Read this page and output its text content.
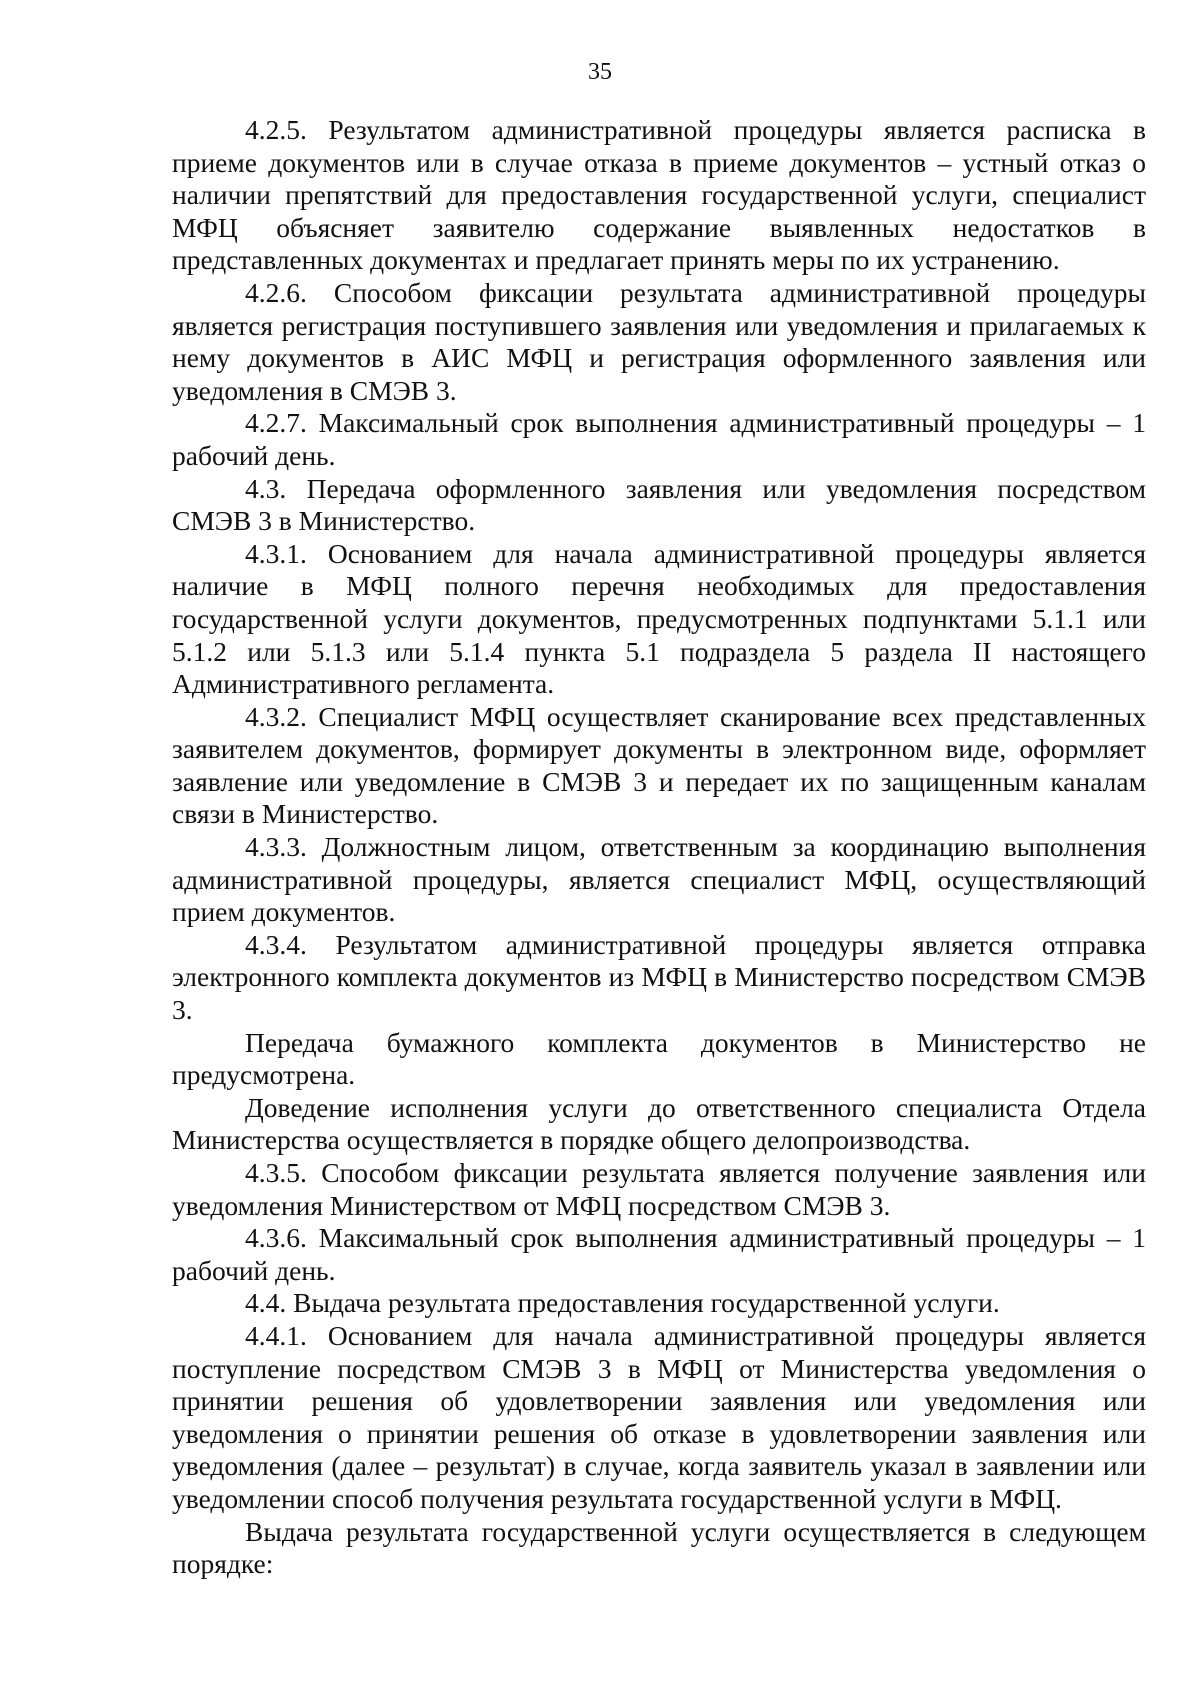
35

4.2.5. Результатом административной процедуры является расписка в приеме документов или в случае отказа в приеме документов – устный отказ о наличии препятствий для предоставления государственной услуги, специалист МФЦ объясняет заявителю содержание выявленных недостатков в представленных документах и предлагает принять меры по их устранению.

4.2.6. Способом фиксации результата административной процедуры является регистрация поступившего заявления или уведомления и прилагаемых к нему документов в АИС МФЦ и регистрация оформленного заявления или уведомления в СМЭВ 3.

4.2.7. Максимальный срок выполнения административный процедуры – 1 рабочий день.

4.3. Передача оформленного заявления или уведомления посредством СМЭВ 3 в Министерство.

4.3.1. Основанием для начала административной процедуры является наличие в МФЦ полного перечня необходимых для предоставления государственной услуги документов, предусмотренных подпунктами 5.1.1 или 5.1.2 или 5.1.3 или 5.1.4 пункта 5.1 подраздела 5 раздела II настоящего Административного регламента.

4.3.2. Специалист МФЦ осуществляет сканирование всех представленных заявителем документов, формирует документы в электронном виде, оформляет заявление или уведомление в СМЭВ 3 и передает их по защищенным каналам связи в Министерство.

4.3.3. Должностным лицом, ответственным за координацию выполнения административной процедуры, является специалист МФЦ, осуществляющий прием документов.

4.3.4. Результатом административной процедуры является отправка электронного комплекта документов из МФЦ в Министерство посредством СМЭВ 3.

Передача бумажного комплекта документов в Министерство не предусмотрена.

Доведение исполнения услуги до ответственного специалиста Отдела Министерства осуществляется в порядке общего делопроизводства.

4.3.5. Способом фиксации результата является получение заявления или уведомления Министерством от МФЦ посредством СМЭВ 3.

4.3.6. Максимальный срок выполнения административный процедуры – 1 рабочий день.

4.4. Выдача результата предоставления государственной услуги.

4.4.1. Основанием для начала административной процедуры является поступление посредством СМЭВ 3 в МФЦ от Министерства уведомления о принятии решения об удовлетворении заявления или уведомления или уведомления о принятии решения об отказе в удовлетворении заявления или уведомления (далее – результат) в случае, когда заявитель указал в заявлении или уведомлении способ получения результата государственной услуги в МФЦ.

Выдача результата государственной услуги осуществляется в следующем порядке:
